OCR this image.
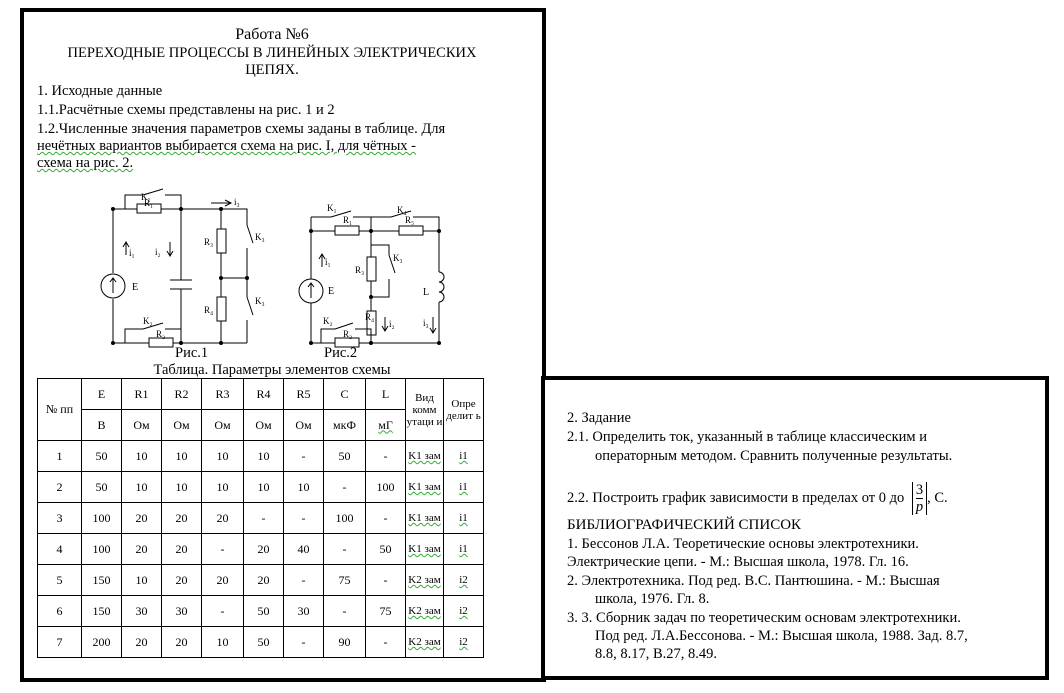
Работа №6
ПЕРЕХОДНЫЕ ПРОЦЕССЫ В ЛИНЕЙНЫХ ЭЛЕКТРИЧЕСКИХ
ЦЕПЯХ.
1. Исходные данные
1.1.Расчётные схемы представлены на рис. 1 и 2
1.2.Численные значения параметров схемы заданы в таблице. Для
нечётных вариантов выбирается схема на рис. I, для чётных -
схема на рис. 2.
K₁
R₁	i₃
i₁ i₂
E
R₃
R₄
K₃
K₃
K₂
R₂
K₁
R₁
K₄
R₅
i₁
E
R₃
K₃
R₄
i₂
L
i₃
K₂
R₂
Рис.1	Рис.2
Таблица. Параметры элементов схемы
№ пп	E	R1	R2	R3	R4	R5	C	L	Вид комм утаци и	Опре делит ь
	В	Ом	Ом	Ом	Ом	Ом	мкФ	мГ		
1	50	10	10	10	10	-	50	-	K1 зам	i1
2	50	10	10	10	10	10	-	100	K1 зам	i1
3	100	20	20	20	-	-	100	-	K1 зам	i1
4	100	20	20	-	20	40	-	50	K1 зам	i1
5	150	10	20	20	20	-	75	-	K2 зам	i2
6	150	30	30	-	50	30	-	75	K2 зам	i2
7	200	20	20	10	50	-	90	-	K2 зам	i2
2. Задание
2.1. Определить ток, указанный в таблице классическим и
операторным методом. Сравнить полученные результаты.
2.2. Построить график зависимости в пределах от 0 до $\frac{3}{p}$ , С.
БИБЛИОГРАФИЧЕСКИЙ СПИСОК
1. Бессонов Л.А. Теоретические основы электротехники.
Электрические цепи. - М.: Высшая школа, 1978. Гл. 16.
2. Электротехника. Под ред. В.С. Пантюшина. - М.: Высшая
школа, 1976. Гл. 8.
3. 3. Сборник задач по теоретическим основам электротехники.
Под ред. Л.А.Бессонова. - М.: Высшая школа, 1988. Зад. 8.7,
8.8, 8.17, В.27, 8.49.
